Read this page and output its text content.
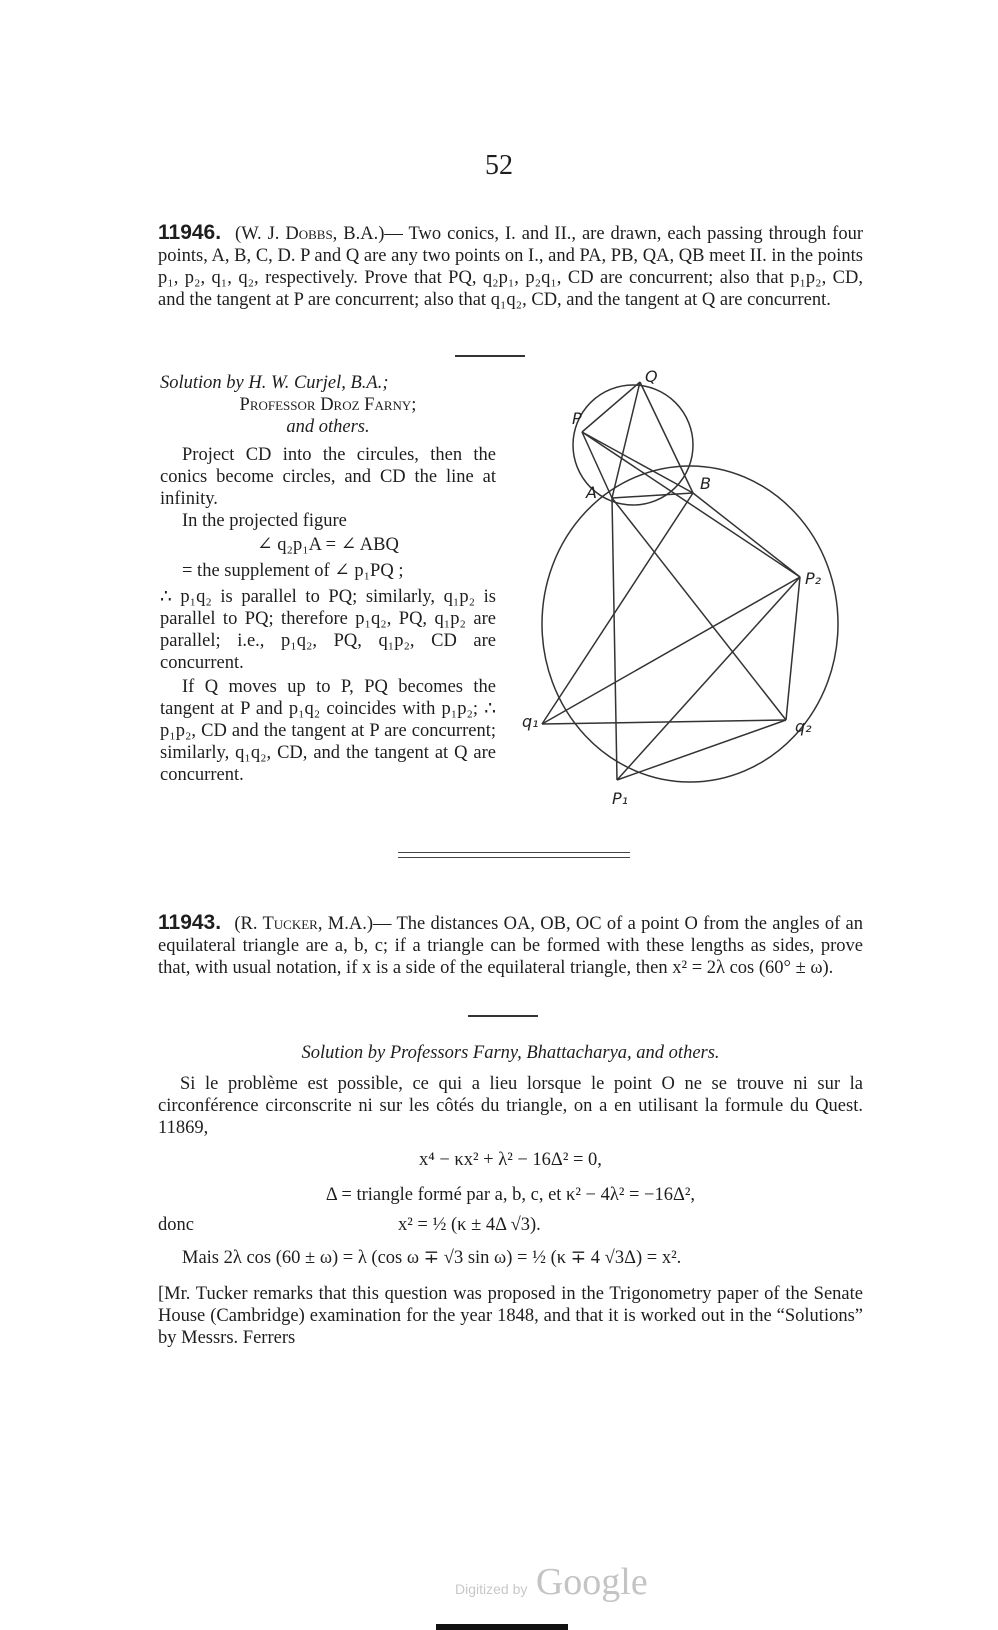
52
11946. (W. J. Dobbs, B.A.)— Two conics, I. and II., are drawn, each passing through four points, A, B, C, D. P and Q are any two points on I., and PA, PB, QA, QB meet II. in the points p₁, p₂, q₁, q₂, respectively. Prove that PQ, q₂p₁, p₂q₁, CD are concurrent; also that p₁p₂, CD, and the tangent at P are concurrent; also that q₁q₂, CD, and the tangent at Q are concurrent.

Solution by H. W. Curjel, B.A.;

Professor Droz Farny;

and others.

Project CD into the circules, then the conics become circles, and CD the line at infinity.

In the projected figure

∠ q₂p₁A = ∠ ABQ

= the supplement of ∠ p₁PQ ;

∴ p₁q₂ is parallel to PQ; similarly, q₁p₂ is parallel to PQ; therefore p₁q₂, PQ, q₁p₂ are parallel; i.e., p₁q₂, PQ, q₁p₂, CD are concurrent.

If Q moves up to P, PQ becomes the tangent at P and p₁q₂ coincides with p₁p₂; ∴ p₁p₂, CD and the tangent at P are concurrent; similarly, q₁q₂, CD, and the tangent at Q are concurrent.

P
Q
A	B
P₂
q₁	q₂
P₁
11943. (R. Tucker, M.A.)— The distances OA, OB, OC of a point O from the angles of an equilateral triangle are a, b, c; if a triangle can be formed with these lengths as sides, prove that, with usual notation, if x is a side of the equilateral triangle, then x² = 2λ cos (60° ± ω).
Solution by Professors Farny, Bhattacharya, and others.

Si le problème est possible, ce qui a lieu lorsque le point O ne se trouve ni sur la circonférence circonscrite ni sur les côtés du triangle, on a en utilisant la formule du Quest. 11869,

x⁴ − κx² + λ² − 16Δ² = 0,
Δ = triangle formé par a, b, c, et κ² − 4λ² = −16Δ²,
donc	x² = ½ (κ ± 4Δ √3).
Mais 2λ cos (60 ± ω) = λ (cos ω ∓ √3 sin ω) = ½ (κ ∓ 4 √3Δ) = x².
[Mr. Tucker remarks that this question was proposed in the Trigonometry paper of the Senate House (Cambridge) examination for the year 1848, and that it is worked out in the “Solutions” by Messrs. Ferrers
Digitized by Google
